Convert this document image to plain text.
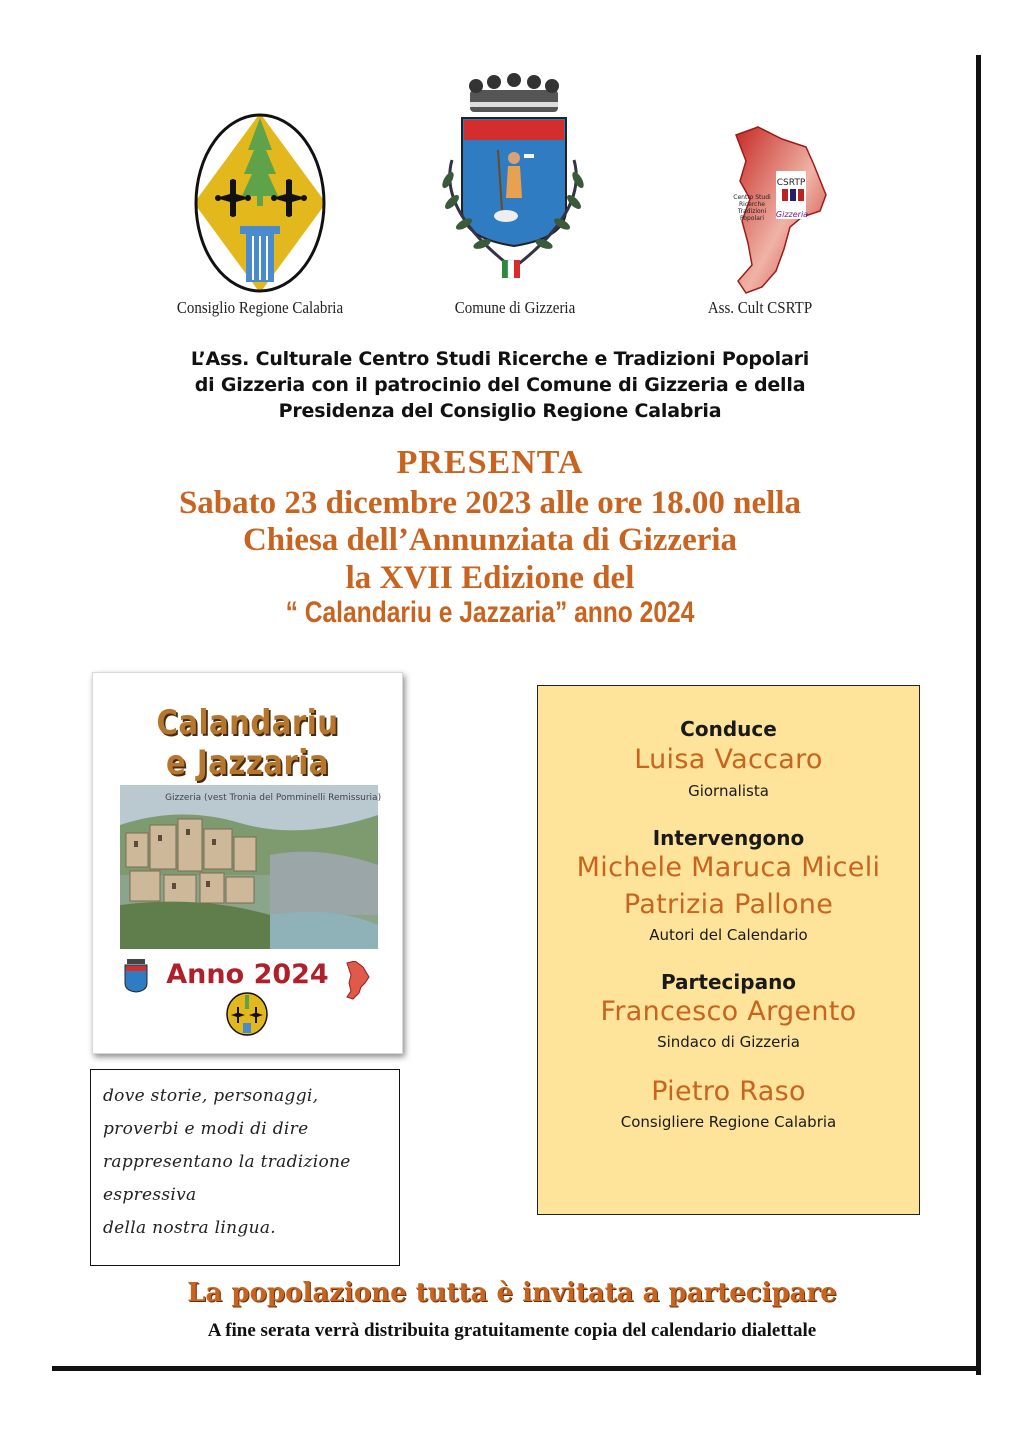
Consiglio Regione Calabria	Comune di Gizzeria
CSRTP
Centro Studi
Ricerche
Tradizioni
Popolari Gizzeria
Ass. Cult CSRTP
L’Ass. Culturale Centro Studi Ricerche e Tradizioni Popolari
di Gizzeria con il patrocinio del Comune di Gizzeria e della
Presidenza del Consiglio Regione Calabria
PRESENTA
Sabato 23 dicembre 2023 alle ore 18.00 nella
Chiesa dell’Annunziata di Gizzeria
la XVII Edizione del
“ Calandariu e Jazzaria” anno 2024
Calandariu
e Jazzaria
Gizzeria (vest Tronia del Pomminelli Remissuria)
Anno 2024
dove storie, personaggi,
proverbi e modi di dire
rappresentano la tradizione
espressiva
della nostra lingua.
Conduce
Luisa Vaccaro
Giornalista
Intervengono
Michele Maruca Miceli
Patrizia Pallone
Autori del Calendario
Partecipano
Francesco Argento
Sindaco di Gizzeria
Pietro Raso
Consigliere Regione Calabria
La popolazione tutta è invitata a partecipare
A fine serata verrà distribuita gratuitamente copia del calendario dialettale
